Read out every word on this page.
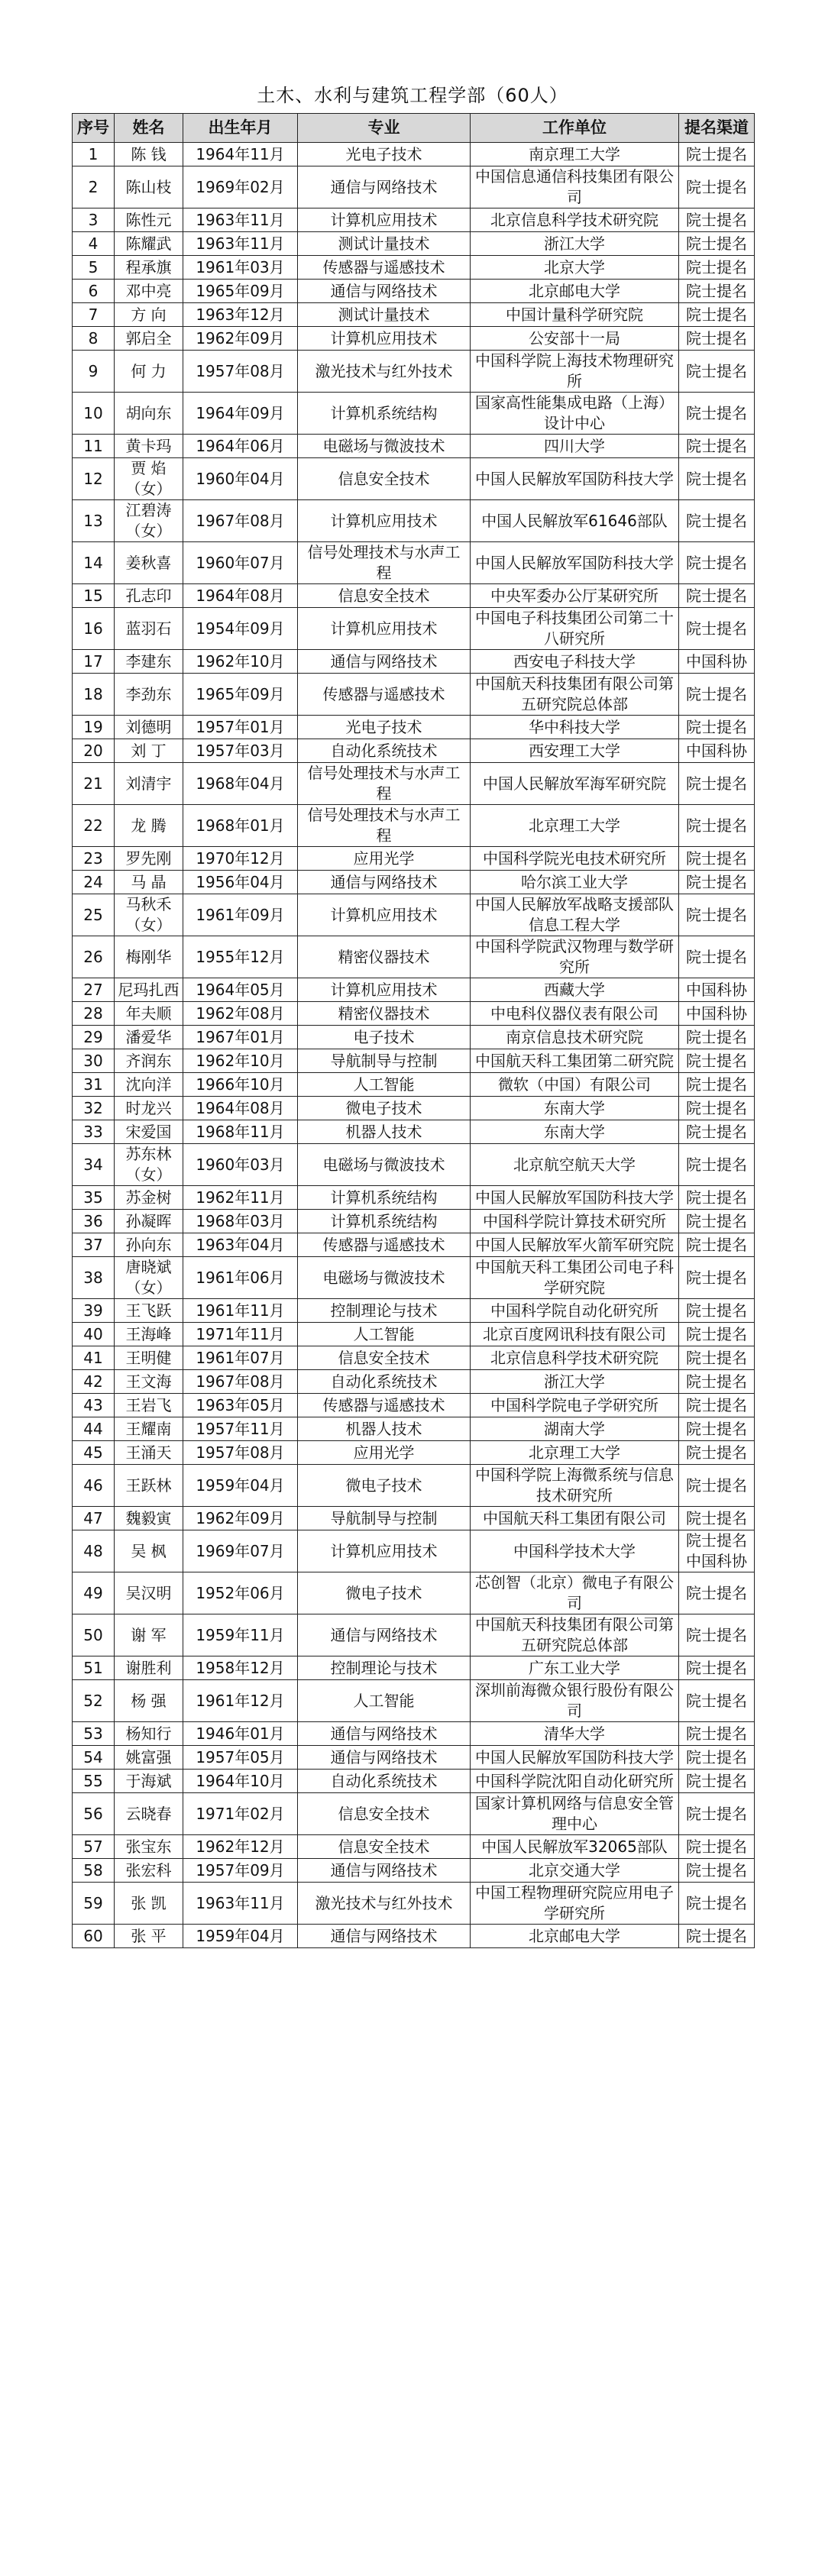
土木、水利与建筑工程学部（60人）
序号	姓名	出生年月	专业	工作单位	提名渠道
1	陈 钱	1964年11月	光电子技术	南京理工大学	院士提名
2	陈山枝	1969年02月	通信与网络技术	中国信息通信科技集团有限公司	院士提名
3	陈性元	1963年11月	计算机应用技术	北京信息科学技术研究院	院士提名
4	陈耀武	1963年11月	测试计量技术	浙江大学	院士提名
5	程承旗	1961年03月	传感器与遥感技术	北京大学	院士提名
6	邓中亮	1965年09月	通信与网络技术	北京邮电大学	院士提名
7	方 向	1963年12月	测试计量技术	中国计量科学研究院	院士提名
8	郭启全	1962年09月	计算机应用技术	公安部十一局	院士提名
9	何 力	1957年08月	激光技术与红外技术	中国科学院上海技术物理研究所	院士提名
10	胡向东	1964年09月	计算机系统结构	国家高性能集成电路（上海）设计中心	院士提名
11	黄卡玛	1964年06月	电磁场与微波技术	四川大学	院士提名
12	贾 焰（女）	1960年04月	信息安全技术	中国人民解放军国防科技大学	院士提名
13	江碧涛（女）	1967年08月	计算机应用技术	中国人民解放军61646部队	院士提名
14	姜秋喜	1960年07月	信号处理技术与水声工程	中国人民解放军国防科技大学	院士提名
15	孔志印	1964年08月	信息安全技术	中央军委办公厅某研究所	院士提名
16	蓝羽石	1954年09月	计算机应用技术	中国电子科技集团公司第二十八研究所	院士提名
17	李建东	1962年10月	通信与网络技术	西安电子科技大学	中国科协
18	李劲东	1965年09月	传感器与遥感技术	中国航天科技集团有限公司第五研究院总体部	院士提名
19	刘德明	1957年01月	光电子技术	华中科技大学	院士提名
20	刘 丁	1957年03月	自动化系统技术	西安理工大学	中国科协
21	刘清宇	1968年04月	信号处理技术与水声工程	中国人民解放军海军研究院	院士提名
22	龙 腾	1968年01月	信号处理技术与水声工程	北京理工大学	院士提名
23	罗先刚	1970年12月	应用光学	中国科学院光电技术研究所	院士提名
24	马 晶	1956年04月	通信与网络技术	哈尔滨工业大学	院士提名
25	马秋禾（女）	1961年09月	计算机应用技术	中国人民解放军战略支援部队信息工程大学	院士提名
26	梅刚华	1955年12月	精密仪器技术	中国科学院武汉物理与数学研究所	院士提名
27	尼玛扎西	1964年05月	计算机应用技术	西藏大学	中国科协
28	年夫顺	1962年08月	精密仪器技术	中电科仪器仪表有限公司	中国科协
29	潘爱华	1967年01月	电子技术	南京信息技术研究院	院士提名
30	齐润东	1962年10月	导航制导与控制	中国航天科工集团第二研究院	院士提名
31	沈向洋	1966年10月	人工智能	微软（中国）有限公司	院士提名
32	时龙兴	1964年08月	微电子技术	东南大学	院士提名
33	宋爱国	1968年11月	机器人技术	东南大学	院士提名
34	苏东林（女）	1960年03月	电磁场与微波技术	北京航空航天大学	院士提名
35	苏金树	1962年11月	计算机系统结构	中国人民解放军国防科技大学	院士提名
36	孙凝晖	1968年03月	计算机系统结构	中国科学院计算技术研究所	院士提名
37	孙向东	1963年04月	传感器与遥感技术	中国人民解放军火箭军研究院	院士提名
38	唐晓斌（女）	1961年06月	电磁场与微波技术	中国航天科工集团公司电子科学研究院	院士提名
39	王飞跃	1961年11月	控制理论与技术	中国科学院自动化研究所	院士提名
40	王海峰	1971年11月	人工智能	北京百度网讯科技有限公司	院士提名
41	王明健	1961年07月	信息安全技术	北京信息科学技术研究院	院士提名
42	王文海	1967年08月	自动化系统技术	浙江大学	院士提名
43	王岩飞	1963年05月	传感器与遥感技术	中国科学院电子学研究所	院士提名
44	王耀南	1957年11月	机器人技术	湖南大学	院士提名
45	王涌天	1957年08月	应用光学	北京理工大学	院士提名
46	王跃林	1959年04月	微电子技术	中国科学院上海微系统与信息技术研究所	院士提名
47	魏毅寅	1962年09月	导航制导与控制	中国航天科工集团有限公司	院士提名
48	吴 枫	1969年07月	计算机应用技术	中国科学技术大学	院士提名 中国科协
49	吴汉明	1952年06月	微电子技术	芯创智（北京）微电子有限公司	院士提名
50	谢 军	1959年11月	通信与网络技术	中国航天科技集团有限公司第五研究院总体部	院士提名
51	谢胜利	1958年12月	控制理论与技术	广东工业大学	院士提名
52	杨 强	1961年12月	人工智能	深圳前海微众银行股份有限公司	院士提名
53	杨知行	1946年01月	通信与网络技术	清华大学	院士提名
54	姚富强	1957年05月	通信与网络技术	中国人民解放军国防科技大学	院士提名
55	于海斌	1964年10月	自动化系统技术	中国科学院沈阳自动化研究所	院士提名
56	云晓春	1971年02月	信息安全技术	国家计算机网络与信息安全管理中心	院士提名
57	张宝东	1962年12月	信息安全技术	中国人民解放军32065部队	院士提名
58	张宏科	1957年09月	通信与网络技术	北京交通大学	院士提名
59	张 凯	1963年11月	激光技术与红外技术	中国工程物理研究院应用电子学研究所	院士提名
60	张 平	1959年04月	通信与网络技术	北京邮电大学	院士提名
